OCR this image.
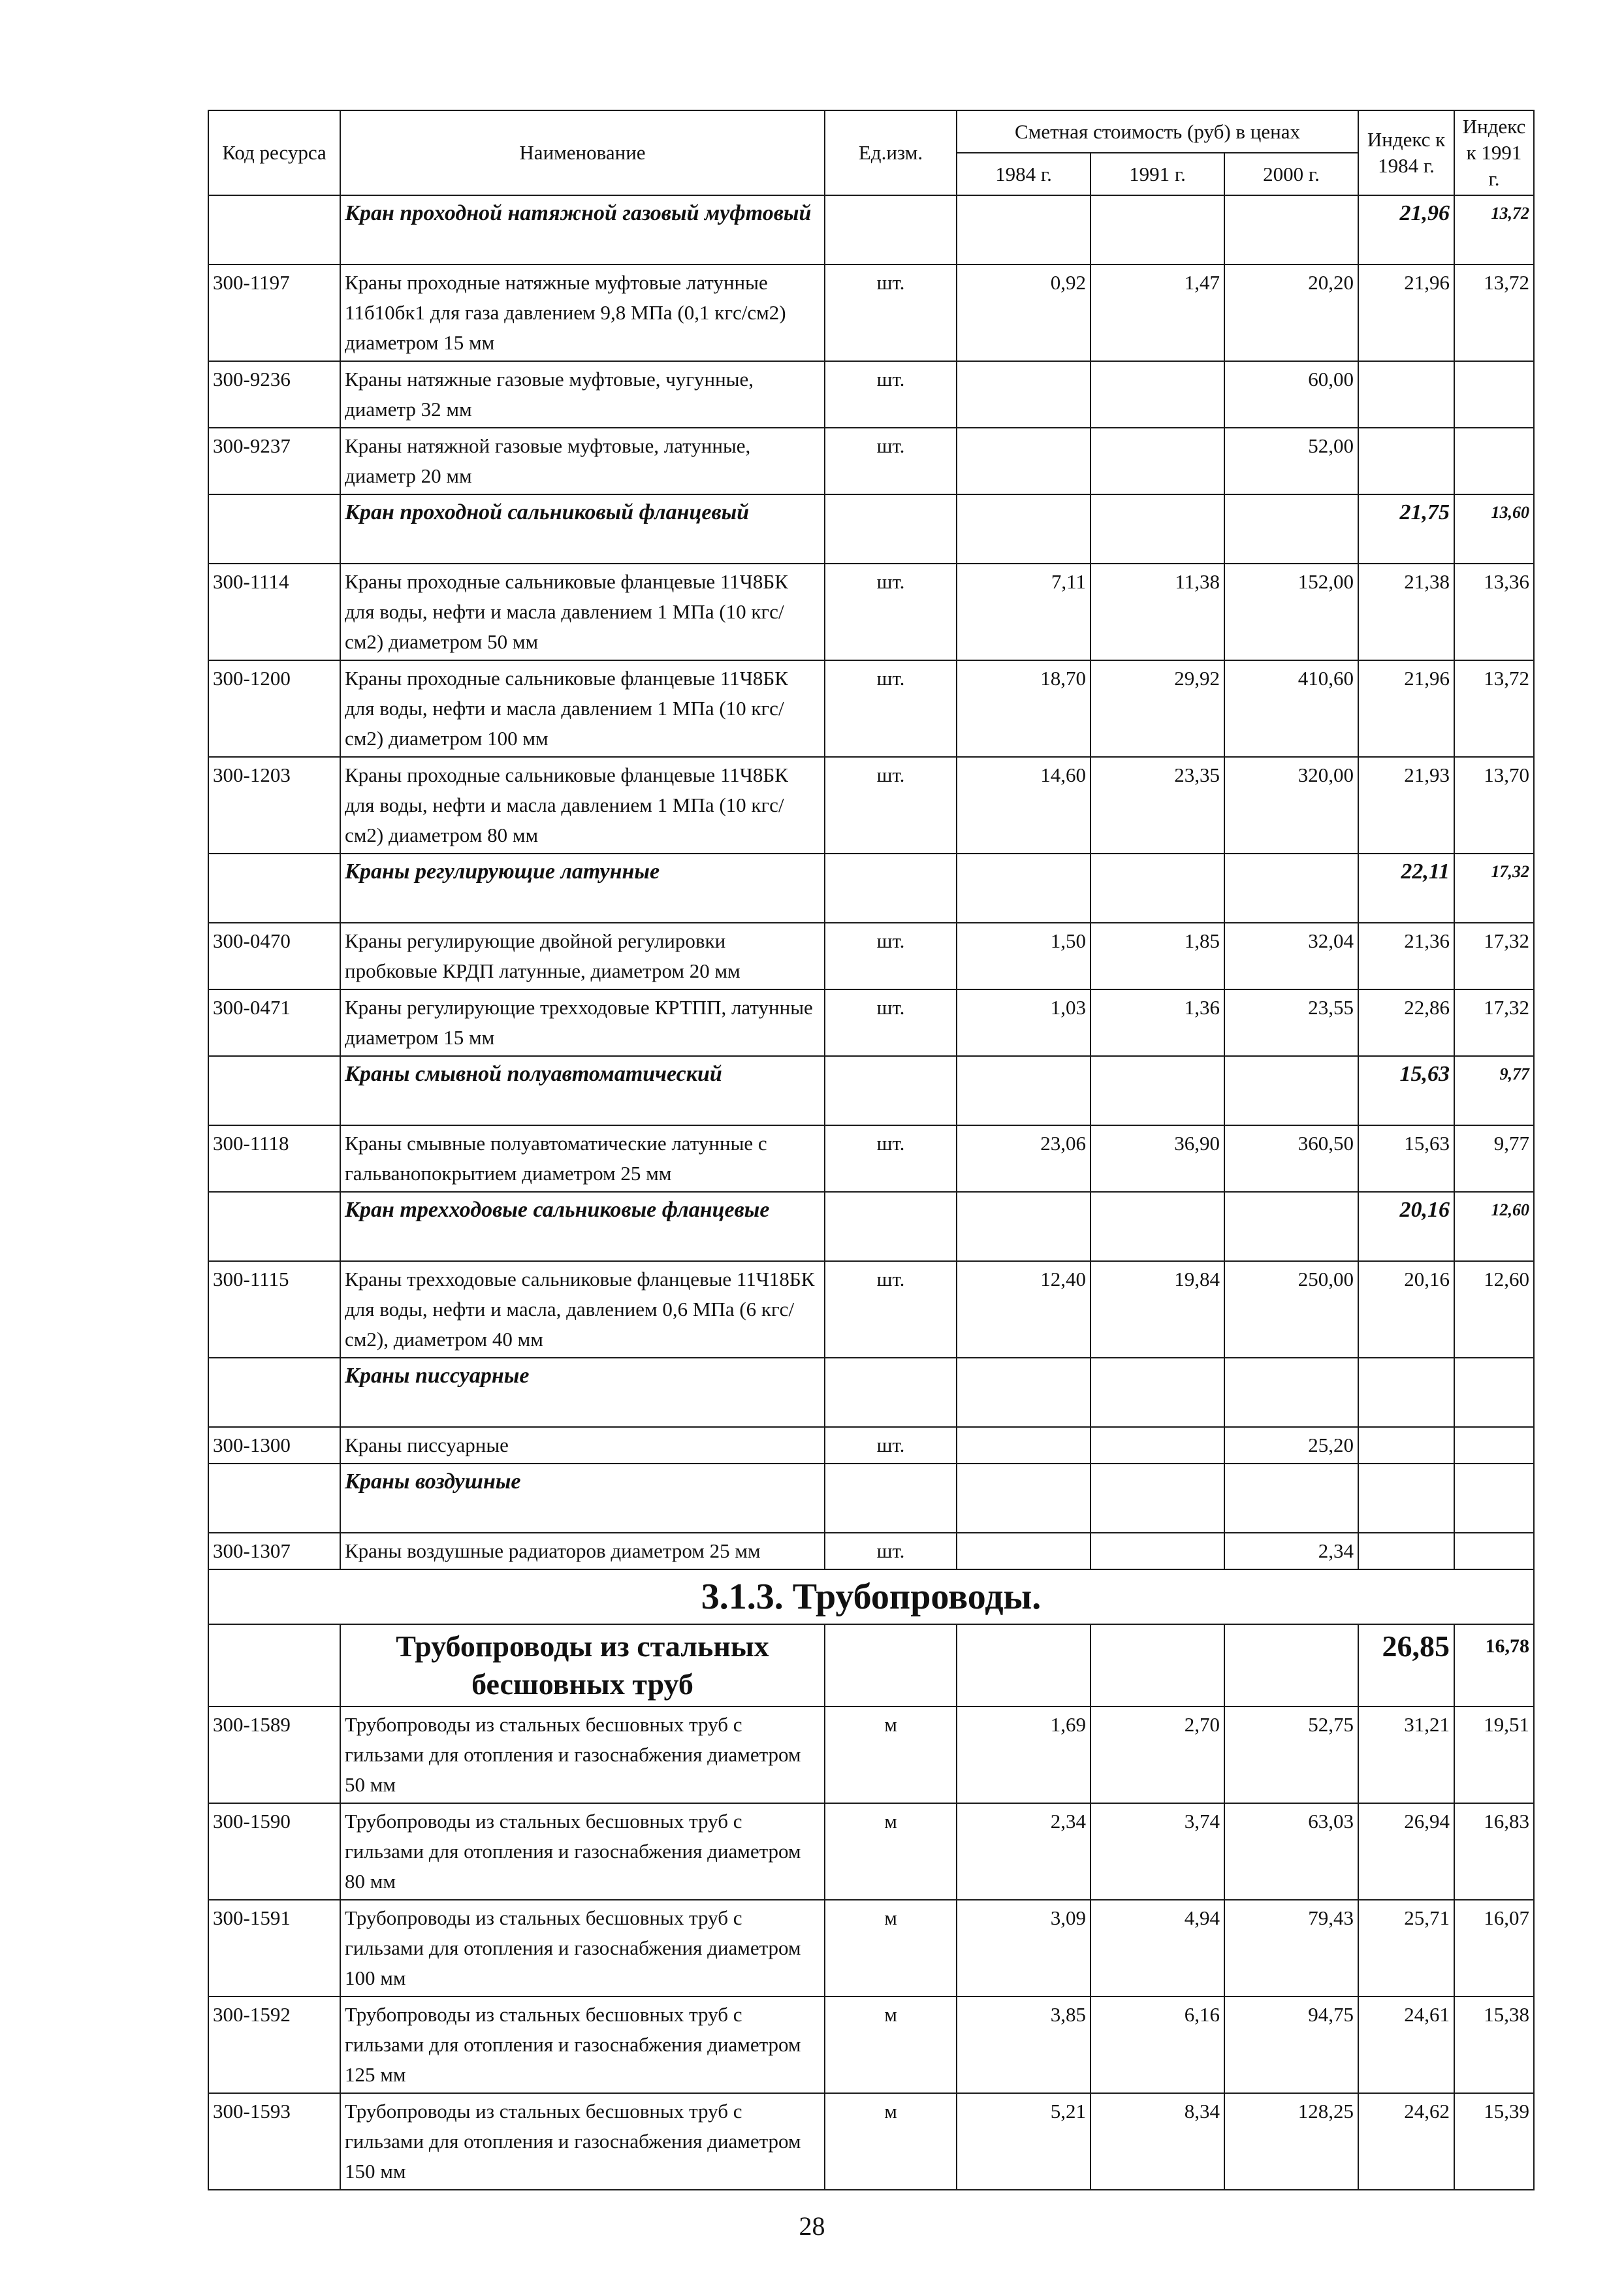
Код ресурса	Наименование	Ед.изм.	Сметная стоимость (руб) в ценах			Индекс к 1984 г.	Индекс к 1991 г.
			1984 г.	1991 г.	2000 г.		
	Кран проходной натяжной газовый муфтовый					21,96	13,72
300-1197	Краны проходные натяжные муфтовые латунные 11б10бк1 для газа давлением 9,8 МПа (0,1 кгс/см2) диаметром 15 мм	шт.	0,92	1,47	20,20	21,96	13,72
300-9236	Краны натяжные газовые муфтовые, чугунные, диаметр 32 мм	шт.			60,00		
300-9237	Краны натяжной газовые муфтовые, латунные, диаметр 20 мм	шт.			52,00		
	Кран проходной сальниковый фланцевый					21,75	13,60
300-1114	Краны проходные сальниковые фланцевые 11Ч8БК для воды, нефти и масла давлением 1 МПа (10 кгс/см2) диаметром 50 мм	шт.	7,11	11,38	152,00	21,38	13,36
300-1200	Краны проходные сальниковые фланцевые 11Ч8БК для воды, нефти и масла давлением 1 МПа (10 кгс/см2) диаметром 100 мм	шт.	18,70	29,92	410,60	21,96	13,72
300-1203	Краны проходные сальниковые фланцевые 11Ч8БК для воды, нефти и масла давлением 1 МПа (10 кгс/см2) диаметром 80 мм	шт.	14,60	23,35	320,00	21,93	13,70
	Краны регулирующие латунные					22,11	17,32
300-0470	Краны регулирующие двойной регулировки пробковые КРДП латунные, диаметром 20 мм	шт.	1,50	1,85	32,04	21,36	17,32
300-0471	Краны регулирующие трехходовые КРТПП, латунные диаметром 15 мм	шт.	1,03	1,36	23,55	22,86	17,32
	Краны смывной полуавтоматический					15,63	9,77
300-1118	Краны смывные полуавтоматические латунные с гальванопокрытием диаметром 25 мм	шт.	23,06	36,90	360,50	15,63	9,77
	Кран трехходовые сальниковые фланцевые					20,16	12,60
300-1115	Краны трехходовые сальниковые фланцевые 11Ч18БК для воды, нефти и масла, давлением 0,6 МПа (6 кгс/см2), диаметром 40 мм	шт.	12,40	19,84	250,00	20,16	12,60
	Краны писсуарные						
300-1300	Краны писсуарные	шт.			25,20		
	Краны воздушные						
300-1307	Краны воздушные радиаторов диаметром 25 мм	шт.			2,34		
3.1.3. Трубопроводы.							
	Трубопроводы из стальных бесшовных труб					26,85	16,78
300-1589	Трубопроводы из стальных бесшовных труб с гильзами для отопления и газоснабжения диаметром 50 мм	м	1,69	2,70	52,75	31,21	19,51
300-1590	Трубопроводы из стальных бесшовных труб с гильзами для отопления и газоснабжения диаметром 80 мм	м	2,34	3,74	63,03	26,94	16,83
300-1591	Трубопроводы из стальных бесшовных труб с гильзами для отопления и газоснабжения диаметром 100 мм	м	3,09	4,94	79,43	25,71	16,07
300-1592	Трубопроводы из стальных бесшовных труб с гильзами для отопления и газоснабжения диаметром 125 мм	м	3,85	6,16	94,75	24,61	15,38
300-1593	Трубопроводы из стальных бесшовных труб с гильзами для отопления и газоснабжения диаметром 150 мм	м	5,21	8,34	128,25	24,62	15,39
28
